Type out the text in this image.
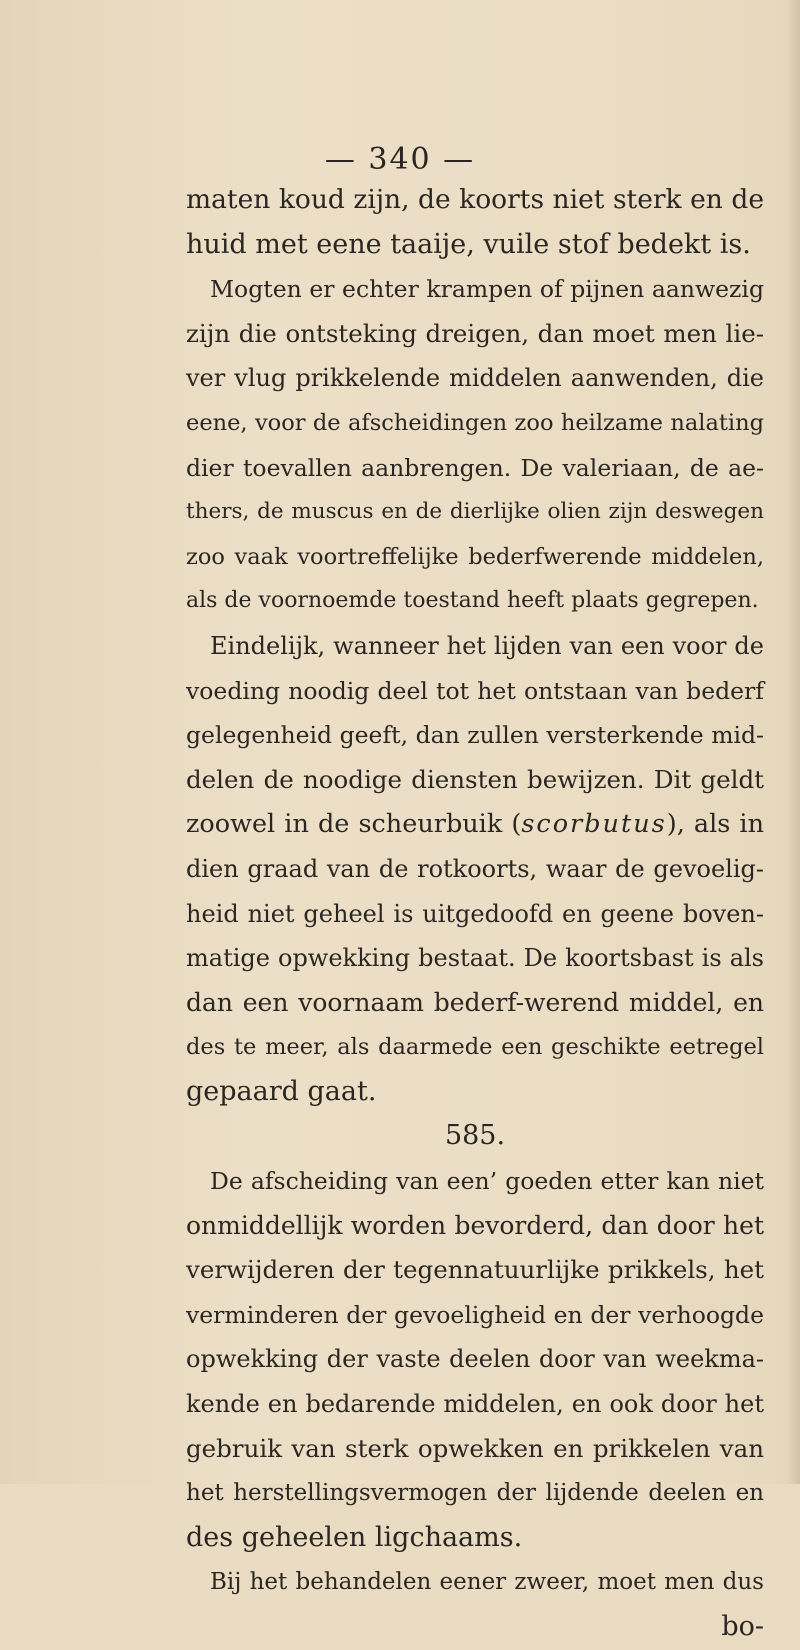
— 340 —
maten koud zijn, de koorts niet sterk en de
huid met eene taaije, vuile stof bedekt is.
Mogten er echter krampen of pijnen aanwezig
zijn die ontsteking dreigen, dan moet men lie-
ver vlug prikkelende middelen aanwenden, die
eene, voor de afscheidingen zoo heilzame nalating
dier toevallen aanbrengen. De valeriaan, de ae-
thers, de muscus en de dierlijke olien zijn deswegen
zoo vaak voortreffelijke bederfwerende middelen,
als de voornoemde toestand heeft plaats gegrepen.
Eindelijk, wanneer het lijden van een voor de
voeding noodig deel tot het ontstaan van bederf
gelegenheid geeft, dan zullen versterkende mid-
delen de noodige diensten bewijzen. Dit geldt
zoowel in de scheurbuik (scorbutus), als in
dien graad van de rotkoorts, waar de gevoelig-
heid niet geheel is uitgedoofd en geene boven-
matige opwekking bestaat. De koortsbast is als
dan een voornaam bederf-werend middel, en
des te meer, als daarmede een geschikte eetregel
gepaard gaat.
585.
De afscheiding van een’ goeden etter kan niet
onmiddellijk worden bevorderd, dan door het
verwijderen der tegennatuurlijke prikkels, het
verminderen der gevoeligheid en der verhoogde
opwekking der vaste deelen door van weekma-
kende en bedarende middelen, en ook door het
gebruik van sterk opwekken en prikkelen van
het herstellingsvermogen der lijdende deelen en
des geheelen ligchaams.
Bij het behandelen eener zweer, moet men dus
bo-
